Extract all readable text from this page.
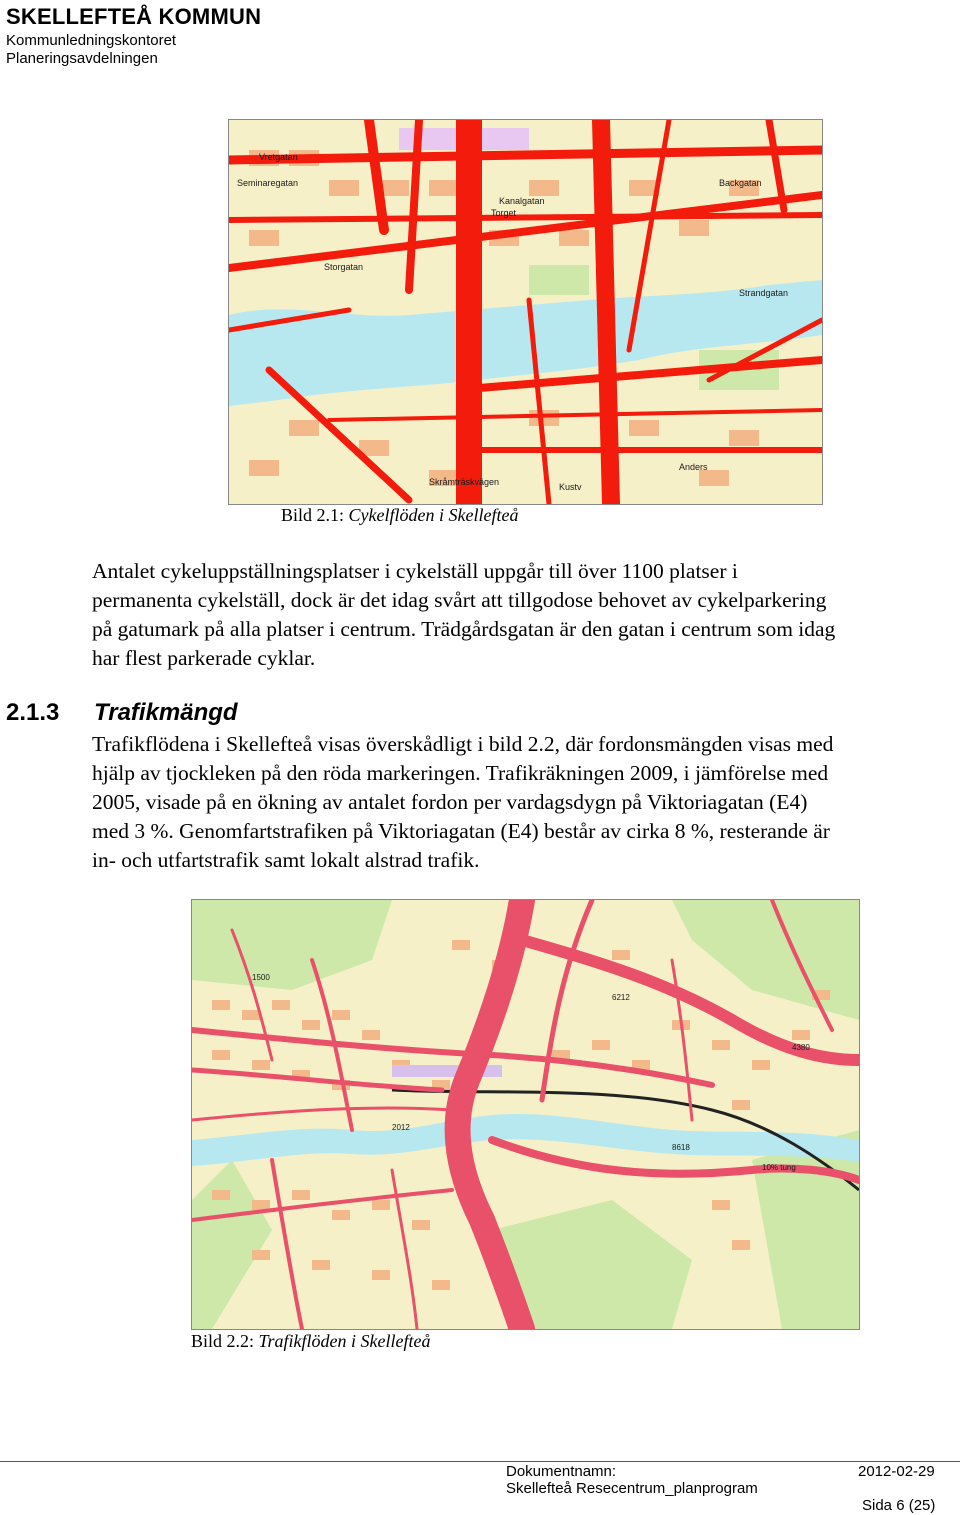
SKELLEFTEÅ KOMMUN
Kommunledningskontoret
Planeringsavdelningen
Torget
Kanalgatan
Vretgatan
Seminaregatan	Backgatan
Strandgatan
Storgatan
Skråmträskvägen	Kustv
Anders
Bild 2.1: Cykelflöden i Skellefteå
Antalet cykeluppställningsplatser i cykelställ uppgår till över 1100 platser i
permanenta cykelställ, dock är det idag svårt att tillgodose behovet av cykelparkering
på gatumark på alla platser i centrum. Trädgårdsgatan är den gatan i centrum som idag
har flest parkerade cyklar.
2.1.3 Trafikmängd
Trafikflödena i Skellefteå visas överskådligt i bild 2.2, där fordonsmängden visas med
hjälp av tjockleken på den röda markeringen. Trafikräkningen 2009, i jämförelse med
2005, visade på en ökning av antalet fordon per vardagsdygn på Viktoriagatan (E4)
med 3 %. Genomfartstrafiken på Viktoriagatan (E4) består av cirka 8 %, resterande är
in- och utfartstrafik samt lokalt alstrad trafik.
1500
6212
10% tung
8618
4380
2012
Bild 2.2: Trafikflöden i Skellefteå
Dokumentnamn:
Skellefteå Resecentrum_planprogram
2012-02-29
Sida 6 (25)
